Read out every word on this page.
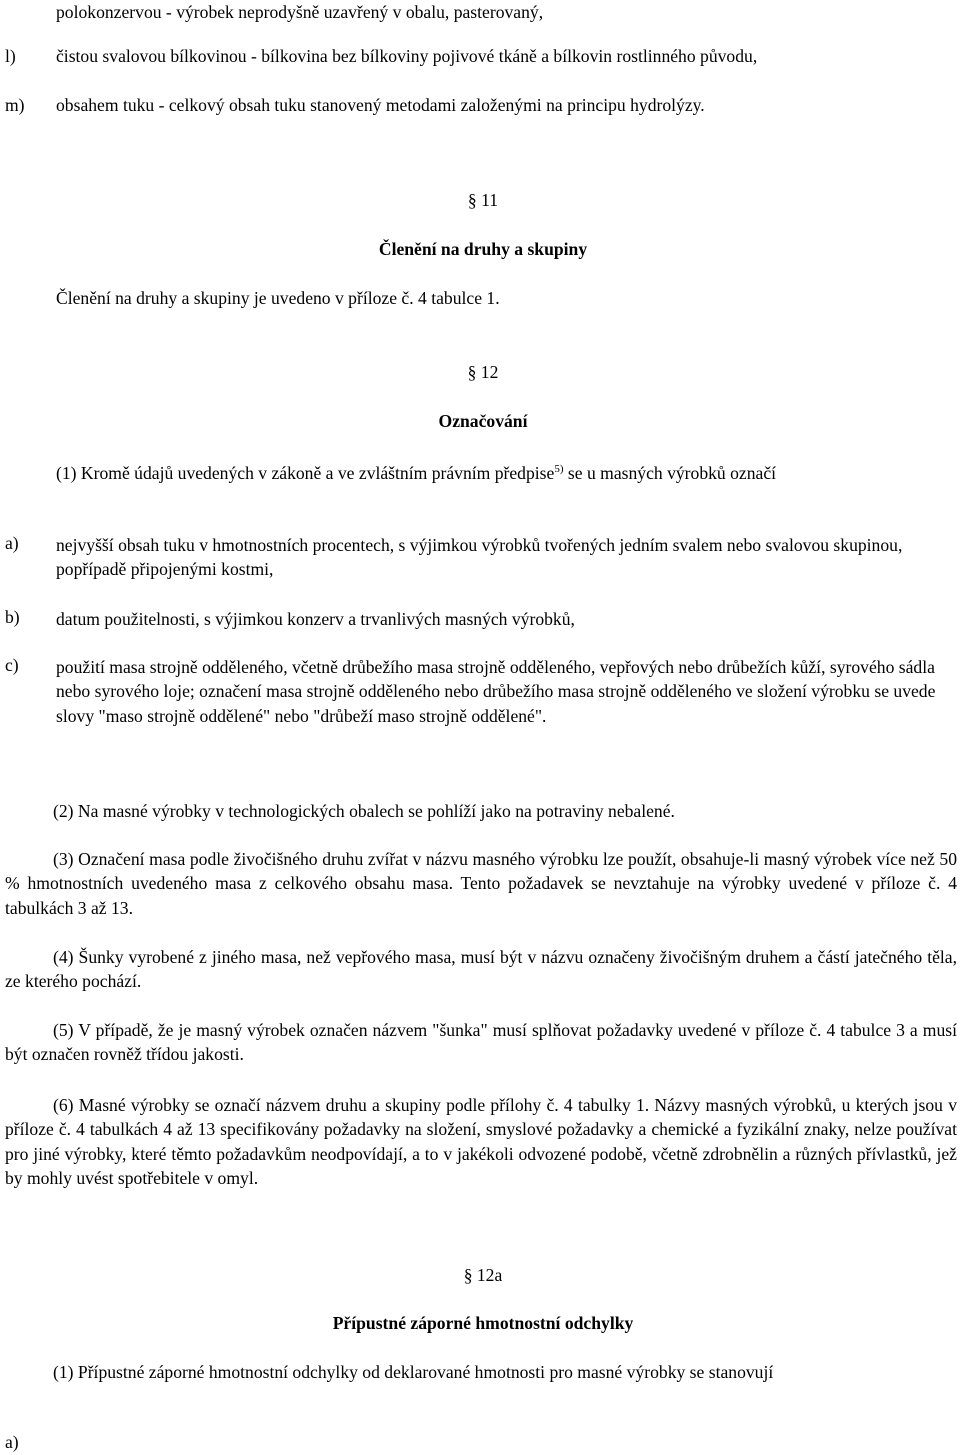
polokonzervou - výrobek neprodyšně uzavřený v obalu, pasterovaný,
l) čistou svalovou bílkovinou - bílkovina bez bílkoviny pojivové tkáně a bílkovin rostlinného původu,
m) obsahem tuku - celkový obsah tuku stanovený metodami založenými na principu hydrolýzy.
§ 11
Členění na druhy a skupiny
Členění na druhy a skupiny je uvedeno v příloze č. 4 tabulce 1.
§ 12
Označování
(1) Kromě údajů uvedených v zákoně a ve zvláštním právním předpise$^{5)}$ se u masných výrobků označí
a) nejvyšší obsah tuku v hmotnostních procentech, s výjimkou výrobků tvořených jedním svalem nebo svalovou skupinou, popřípadě připojenými kostmi,
b) datum použitelnosti, s výjimkou konzerv a trvanlivých masných výrobků,
c) použití masa strojně odděleného, včetně drůbežího masa strojně odděleného, vepřových nebo drůbežích kůží, syrového sádla nebo syrového loje; označení masa strojně odděleného nebo drůbežího masa strojně odděleného ve složení výrobku se uvede slovy "maso strojně oddělené" nebo "drůbeží maso strojně oddělené".
(2) Na masné výrobky v technologických obalech se pohlíží jako na potraviny nebalené.
(3) Označení masa podle živočišného druhu zvířat v názvu masného výrobku lze použít, obsahuje-li masný výrobek více než 50 % hmotnostních uvedeného masa z celkového obsahu masa. Tento požadavek se nevztahuje na výrobky uvedené v příloze č. 4 tabulkách 3 až 13.
(4) Šunky vyrobené z jiného masa, než vepřového masa, musí být v názvu označeny živočišným druhem a částí jatečného těla, ze kterého pochází.
(5) V případě, že je masný výrobek označen názvem "šunka" musí splňovat požadavky uvedené v příloze č. 4 tabulce 3 a musí být označen rovněž třídou jakosti.
(6) Masné výrobky se označí názvem druhu a skupiny podle přílohy č. 4 tabulky 1. Názvy masných výrobků, u kterých jsou v příloze č. 4 tabulkách 4 až 13 specifikovány požadavky na složení, smyslové požadavky a chemické a fyzikální znaky, nelze používat pro jiné výrobky, které těmto požadavkům neodpovídají, a to v jakékoli odvozené podobě, včetně zdrobnělin a různých přívlastků, jež by mohly uvést spotřebitele v omyl.
§ 12a
Přípustné záporné hmotnostní odchylky
(1) Přípustné záporné hmotnostní odchylky od deklarované hmotnosti pro masné výrobky se stanovují
a)
